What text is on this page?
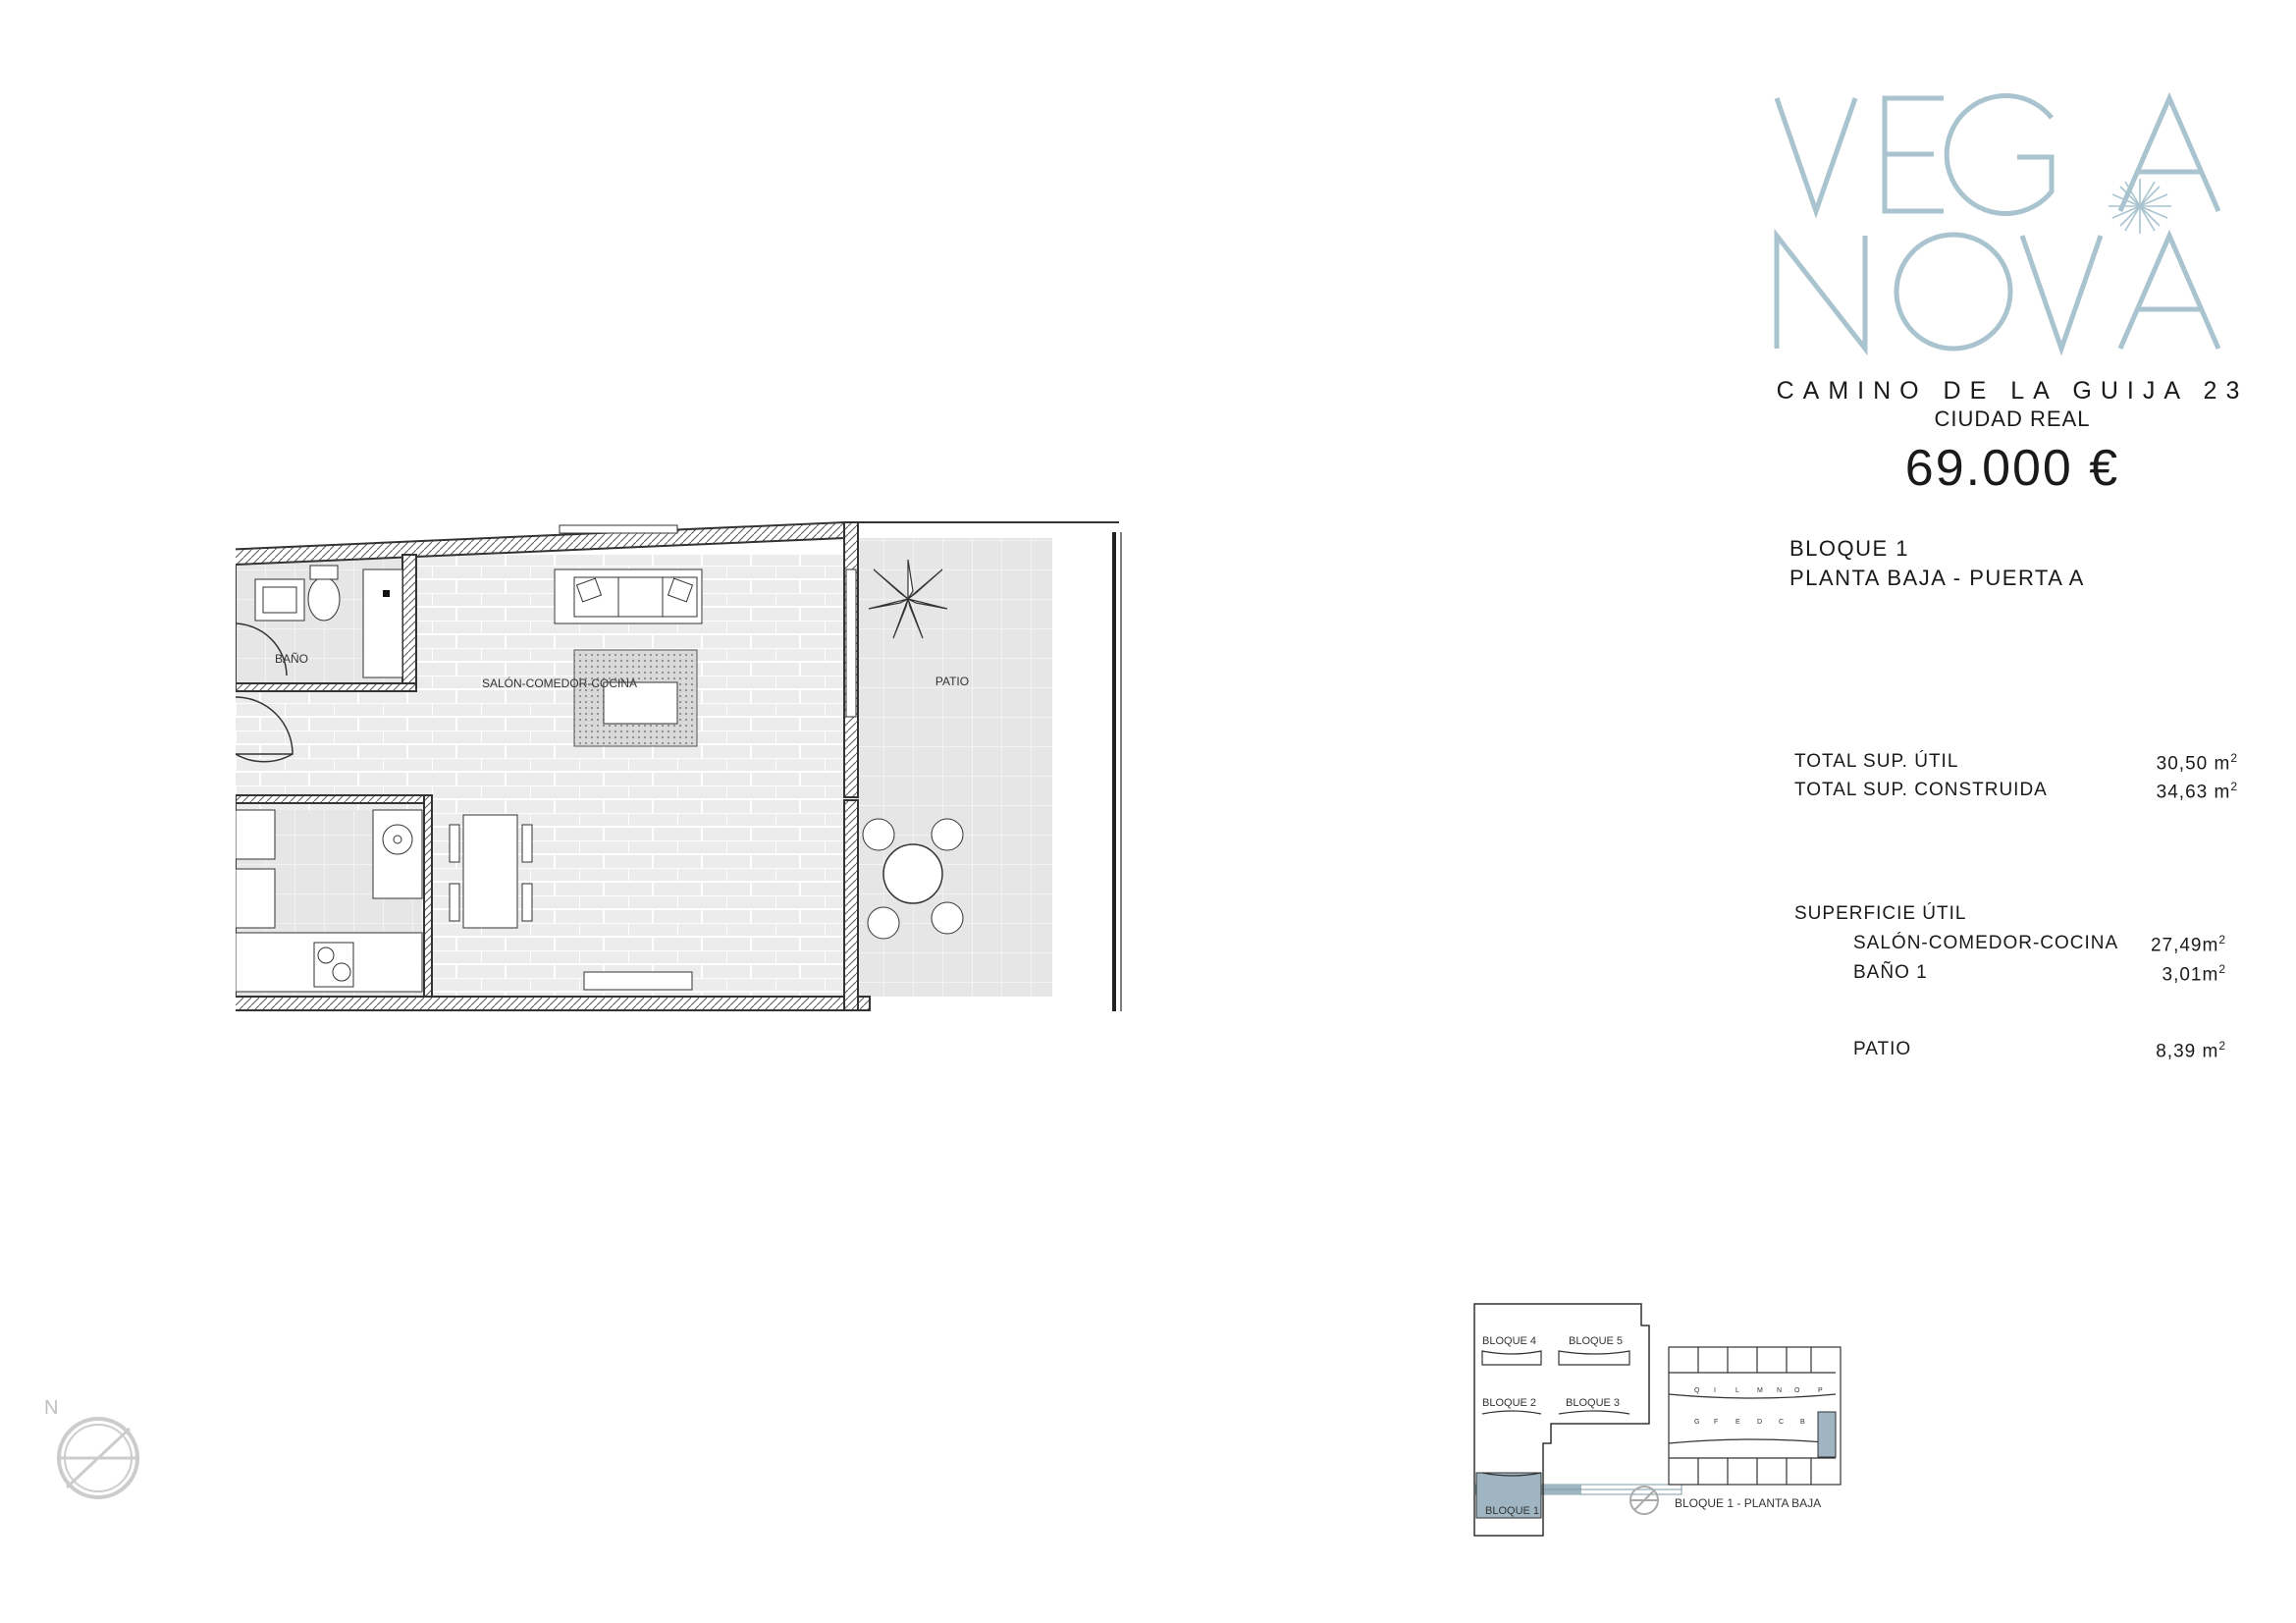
VEGA
CAMINO DE LA GUIJA 23
CIUDAD REAL
69.000 €
BLOQUE 1
PLANTA BAJA - PUERTA A
TOTAL SUP. ÚTIL	30,50 $m^2$
TOTAL SUP. CONSTRUIDA	34,63 $m^2$
SUPERFICIE ÚTIL
SALÓN-COMEDOR-COCINA $27,49m^2$
BAÑO 1	$3,01m^2$
PATIO	8,39 $m^2$
BAÑO
SALÓN-COMEDOR-COCINA	PATIO
BLOQUE 4	BLOQUE 5
BLOQUE 2	BLOQUE 3
BLOQUE 1
Q I	L	M N O	P
G F	E D C B
BLOQUE 1 - PLANTA BAJA
N
